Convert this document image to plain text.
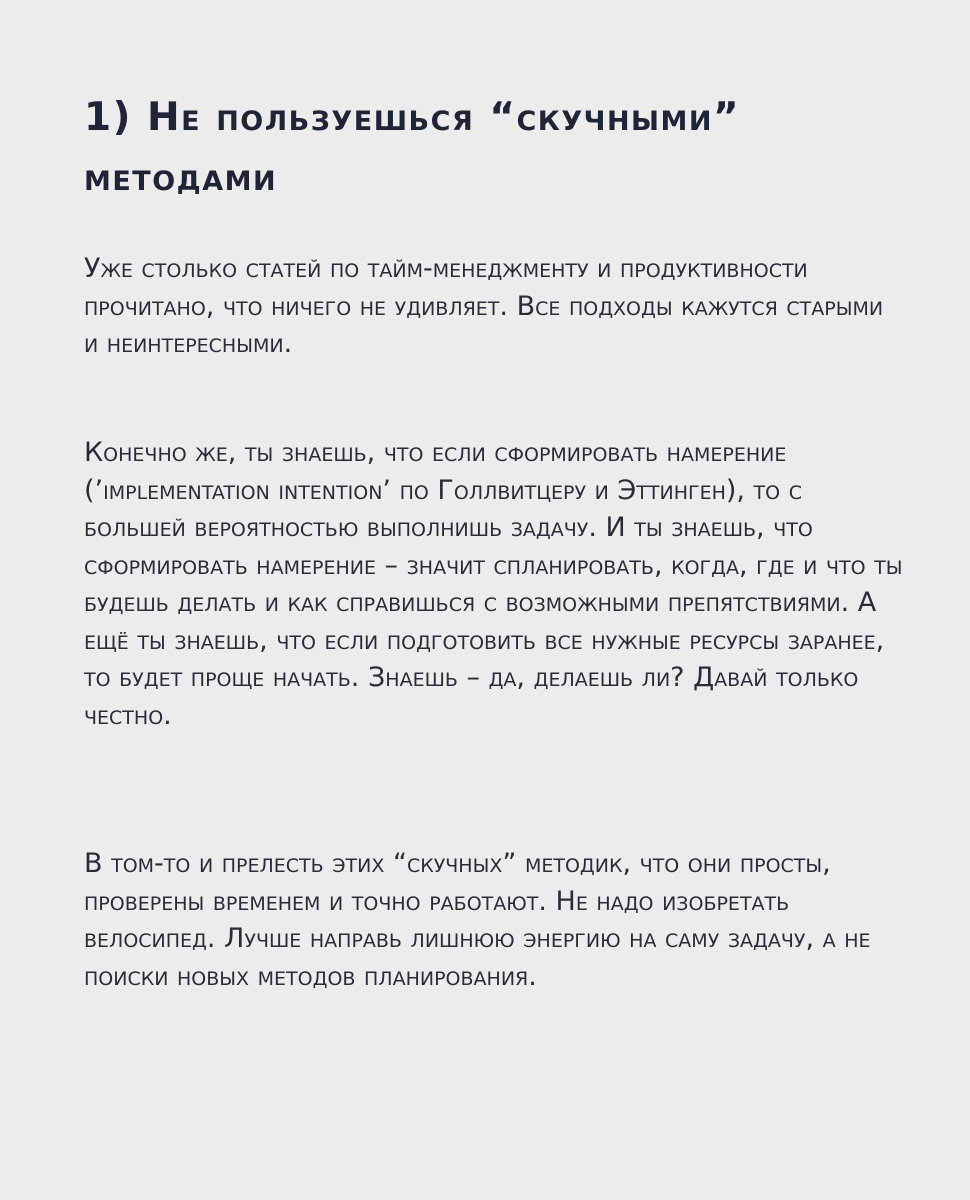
1) Не пользуешься “скучными” методами

Уже столько статей по тайм-менеджменту и продуктивности прочитано, что ничего не удивляет. Все подходы кажутся старыми и неинтересными.

Конечно же, ты знаешь, что если сформировать намерение (’implementation intention’ по Голлвитцеру и Эттинген), то с большей вероятностью выполнишь задачу. И ты знаешь, что сформировать намерение – значит спланировать, когда, где и что ты будешь делать и как справишься с возможными препятствиями. А ещё ты знаешь, что если подготовить все нужные ресурсы заранее, то будет проще начать. Знаешь – да, делаешь ли? Давай только честно.

В том-то и прелесть этих “скучных” методик, что они просты, проверены временем и точно работают. Не надо изобретать велосипед. Лучше направь лишнюю энергию на саму задачу, а не поиски новых методов планирования.
